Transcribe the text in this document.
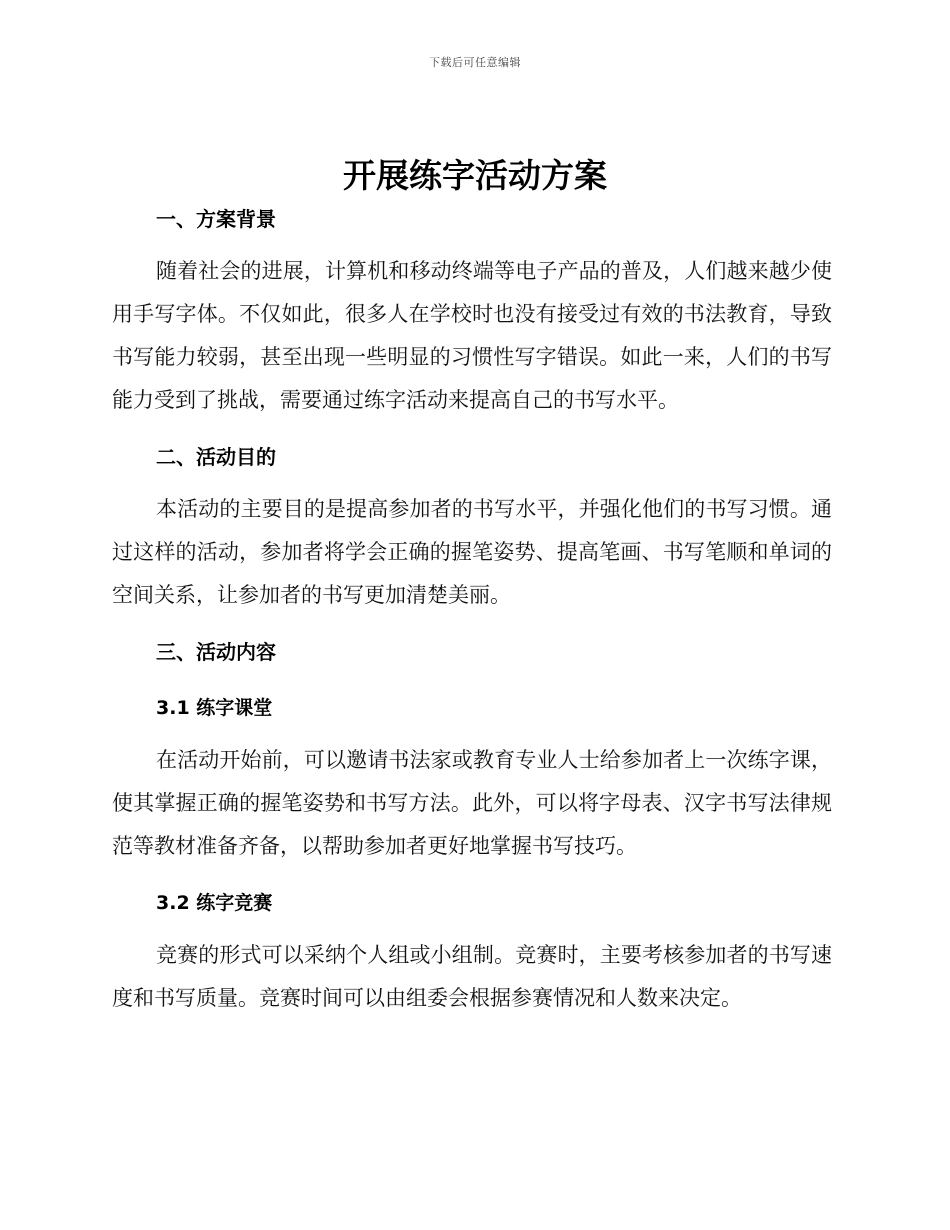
下载后可任意编辑
开展练字活动方案
一、方案背景

随着社会的进展，计算机和移动终端等电子产品的普及，人们越来越少使用手写字体。不仅如此，很多人在学校时也没有接受过有效的书法教育，导致书写能力较弱，甚至出现一些明显的习惯性写字错误。如此一来，人们的书写能力受到了挑战，需要通过练字活动来提高自己的书写水平。

二、活动目的

本活动的主要目的是提高参加者的书写水平，并强化他们的书写习惯。通过这样的活动，参加者将学会正确的握笔姿势、提高笔画、书写笔顺和单词的空间关系，让参加者的书写更加清楚美丽。

三、活动内容
3.1 练字课堂

在活动开始前，可以邀请书法家或教育专业人士给参加者上一次练字课，使其掌握正确的握笔姿势和书写方法。此外，可以将字母表、汉字书写法律规范等教材准备齐备，以帮助参加者更好地掌握书写技巧。

3.2 练字竞赛

竞赛的形式可以采纳个人组或小组制。竞赛时，主要考核参加者的书写速度和书写质量。竞赛时间可以由组委会根据参赛情况和人数来决定。
